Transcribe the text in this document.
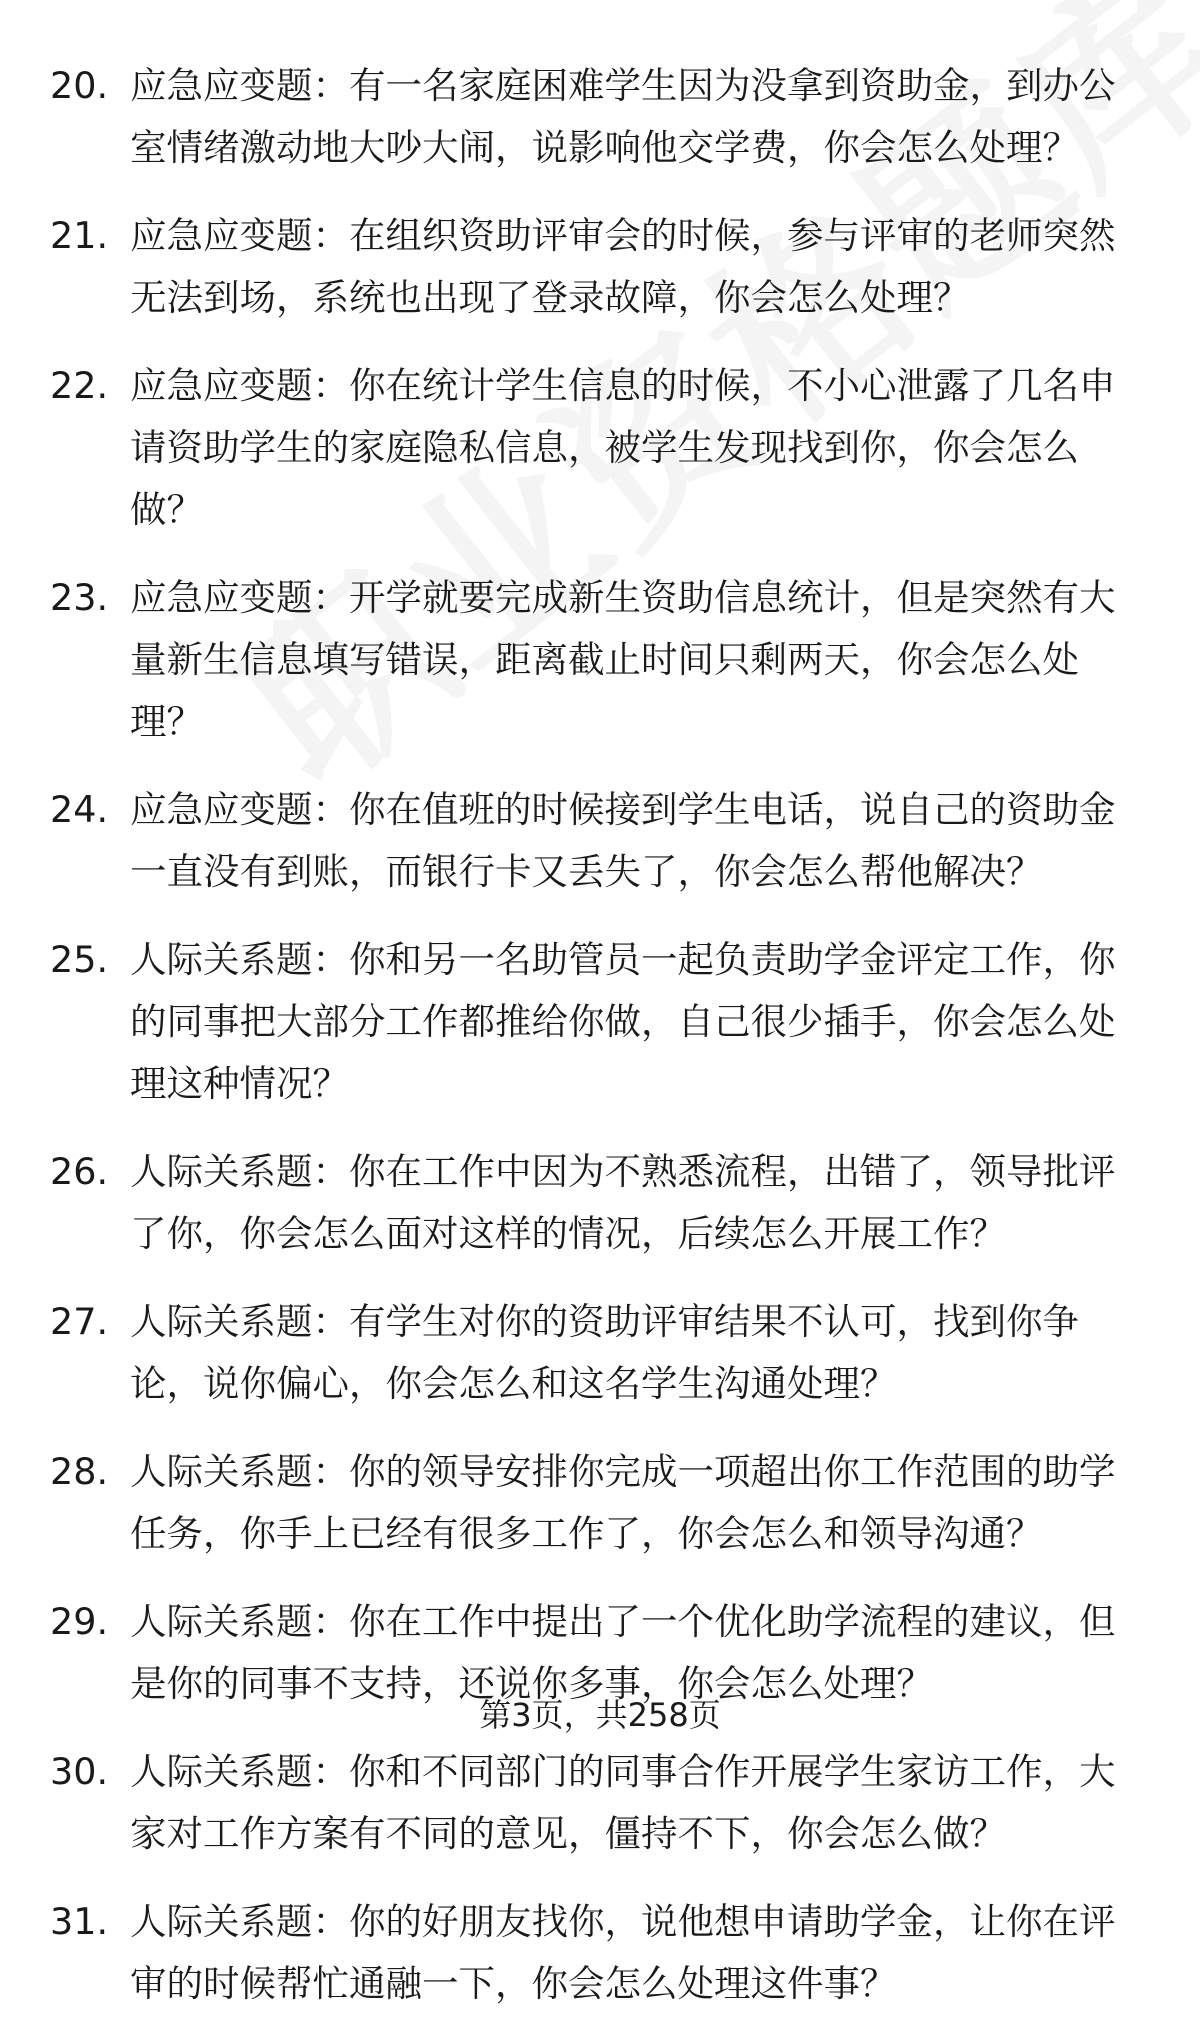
20. 应急应变题：有一名家庭困难学生因为没拿到资助金，到办公室情绪激动地大吵大闹，说影响他交学费，你会怎么处理？
21. 应急应变题：在组织资助评审会的时候，参与评审的老师突然无法到场，系统也出现了登录故障，你会怎么处理？
22. 应急应变题：你在统计学生信息的时候，不小心泄露了几名申请资助学生的家庭隐私信息，被学生发现找到你，你会怎么做？
23. 应急应变题：开学就要完成新生资助信息统计，但是突然有大量新生信息填写错误，距离截止时间只剩两天，你会怎么处理？
24. 应急应变题：你在值班的时候接到学生电话，说自己的资助金一直没有到账，而银行卡又丢失了，你会怎么帮他解决？
25. 人际关系题：你和另一名助管员一起负责助学金评定工作，你的同事把大部分工作都推给你做，自己很少插手，你会怎么处理这种情况？
26. 人际关系题：你在工作中因为不熟悉流程，出错了，领导批评了你，你会怎么面对这样的情况，后续怎么开展工作？
27. 人际关系题：有学生对你的资助评审结果不认可，找到你争论，说你偏心，你会怎么和这名学生沟通处理？
28. 人际关系题：你的领导安排你完成一项超出你工作范围的助学任务，你手上已经有很多工作了，你会怎么和领导沟通？
29. 人际关系题：你在工作中提出了一个优化助学流程的建议，但是你的同事不支持，还说你多事，你会怎么处理？
30. 人际关系题：你和不同部门的同事合作开展学生家访工作，大家对工作方案有不同的意见，僵持不下，你会怎么做？
31. 人际关系题：你的好朋友找你，说他想申请助学金，让你在评审的时候帮忙通融一下，你会怎么处理这件事？
第3页，共258页
